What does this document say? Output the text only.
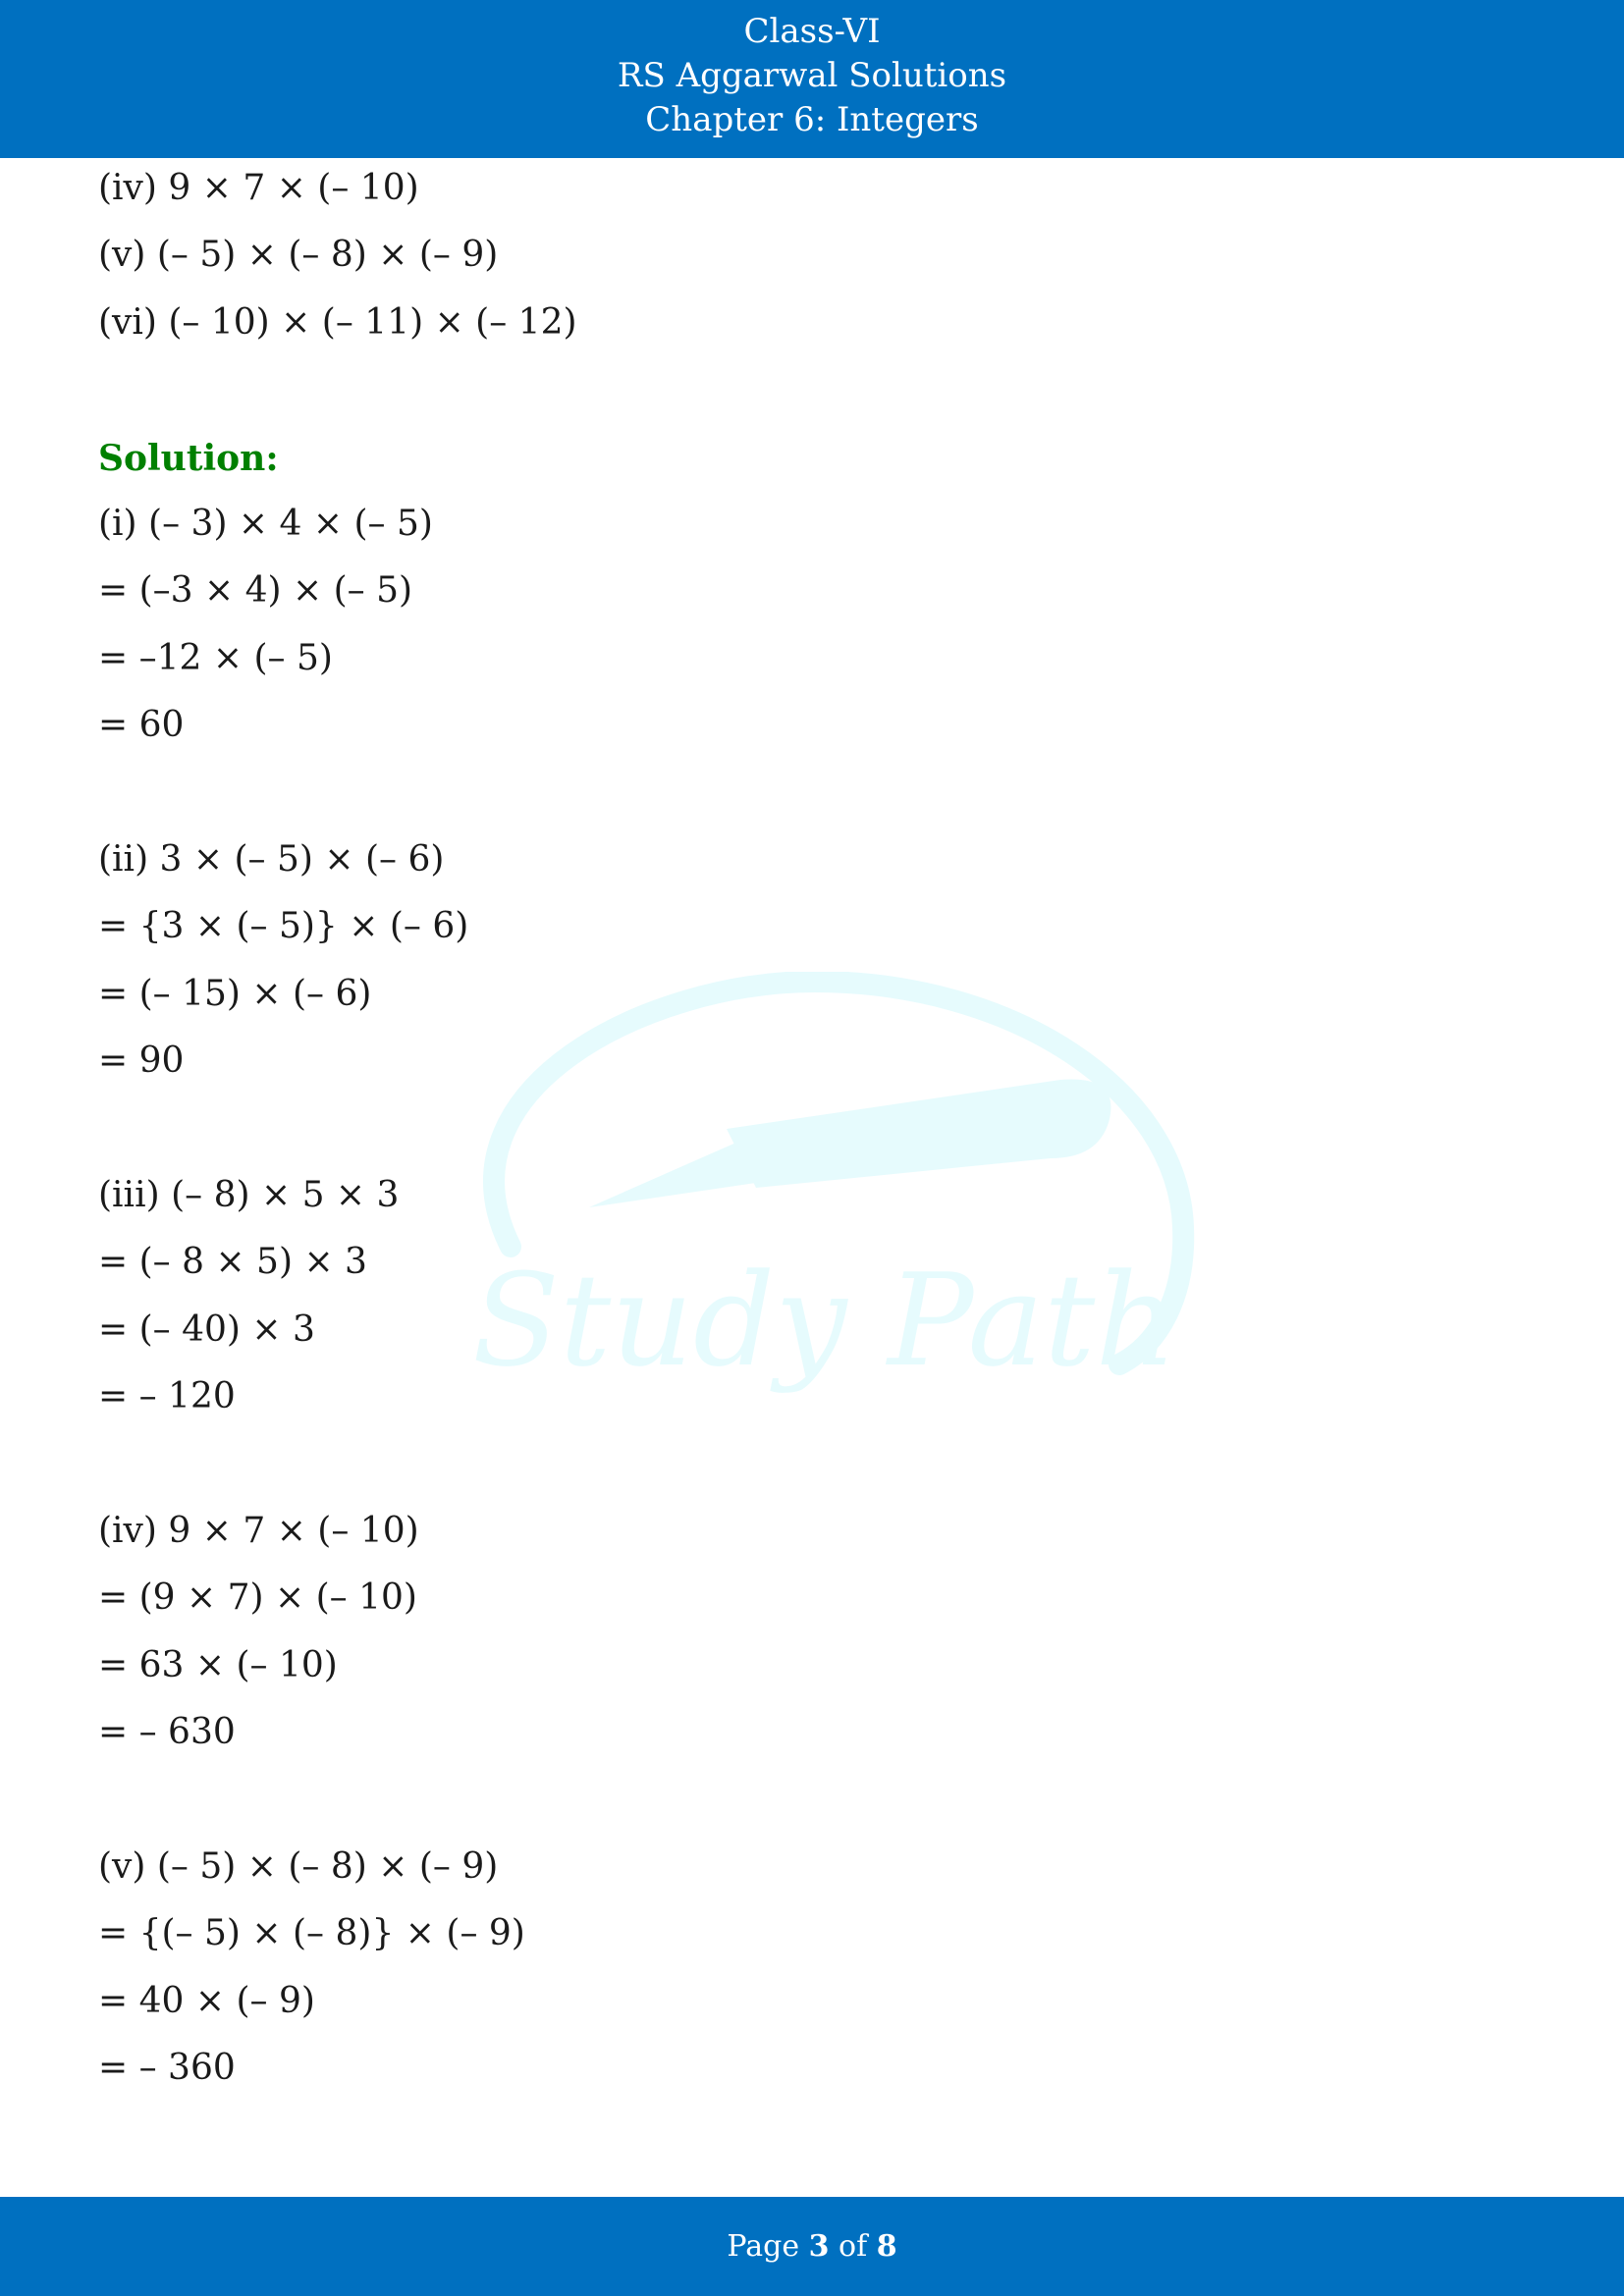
Class-VI
RS Aggarwal Solutions
Chapter 6: Integers
Study Path
(iv) 9 × 7 × (– 10)
(v) (– 5) × (– 8) × (– 9)
(vi) (– 10) × (– 11) × (– 12)
Solution:
(i) (– 3) × 4 × (– 5)
= (–3 × 4) × (– 5)
= –12 × (– 5)
= 60
(ii) 3 × (– 5) × (– 6)
= {3 × (– 5)} × (– 6)
= (– 15) × (– 6)
= 90
(iii) (– 8) × 5 × 3
= (– 8 × 5) × 3
= (– 40) × 3
= – 120
(iv) 9 × 7 × (– 10)
= (9 × 7) × (– 10)
= 63 × (– 10)
= – 630
(v) (– 5) × (– 8) × (– 9)
= {(– 5) × (– 8)} × (– 9)
= 40 × (– 9)
= – 360
Page 3 of 8
